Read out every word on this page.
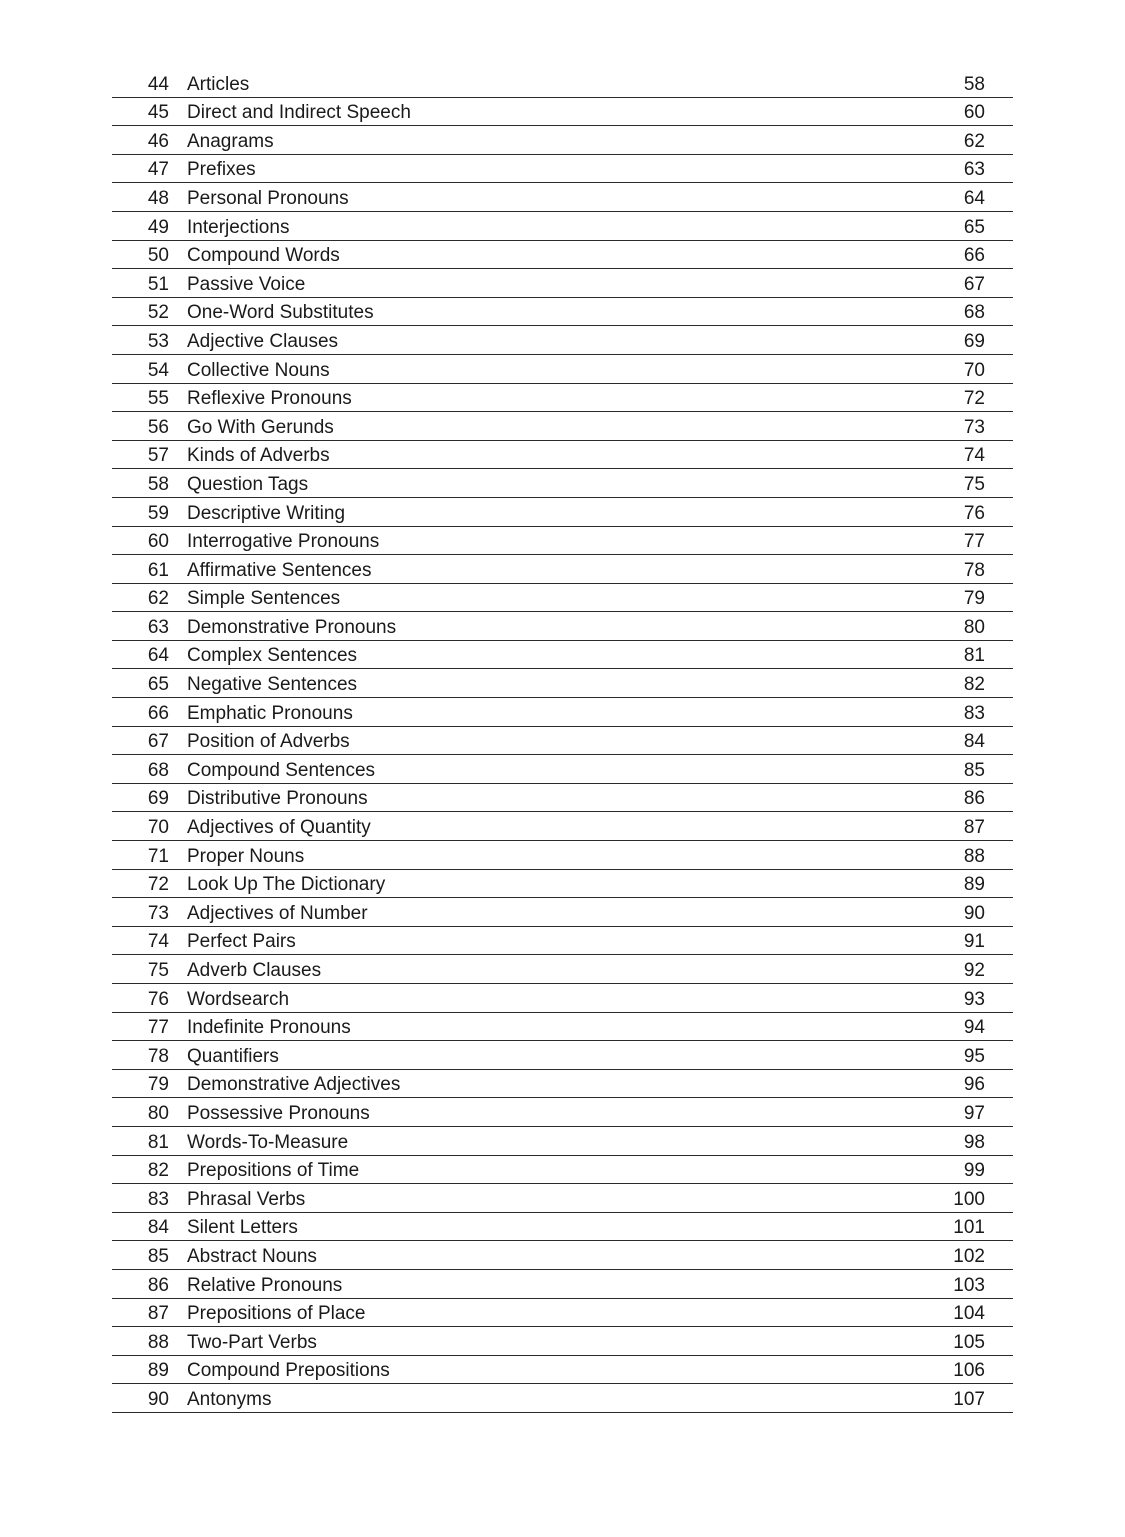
44 Articles	58
45 Direct and Indirect Speech	60
46 Anagrams	62
47 Prefixes	63
48 Personal Pronouns	64
49 Interjections	65
50 Compound Words	66
51 Passive Voice	67
52 One-Word Substitutes	68
53 Adjective Clauses	69
54 Collective Nouns	70
55 Reflexive Pronouns	72
56 Go With Gerunds	73
57 Kinds of Adverbs	74
58 Question Tags	75
59 Descriptive Writing	76
60 Interrogative Pronouns	77
61 Affirmative Sentences	78
62 Simple Sentences	79
63 Demonstrative Pronouns	80
64 Complex Sentences	81
65 Negative Sentences	82
66 Emphatic Pronouns	83
67 Position of Adverbs	84
68 Compound Sentences	85
69 Distributive Pronouns	86
70 Adjectives of Quantity	87
71 Proper Nouns	88
72 Look Up The Dictionary	89
73 Adjectives of Number	90
74 Perfect Pairs	91
75 Adverb Clauses	92
76 Wordsearch	93
77 Indefinite Pronouns	94
78 Quantifiers	95
79 Demonstrative Adjectives	96
80 Possessive Pronouns	97
81 Words-To-Measure	98
82 Prepositions of Time	99
83 Phrasal Verbs	100
84 Silent Letters	101
85 Abstract Nouns	102
86 Relative Pronouns	103
87 Prepositions of Place	104
88 Two-Part Verbs	105
89 Compound Prepositions	106
90 Antonyms	107
